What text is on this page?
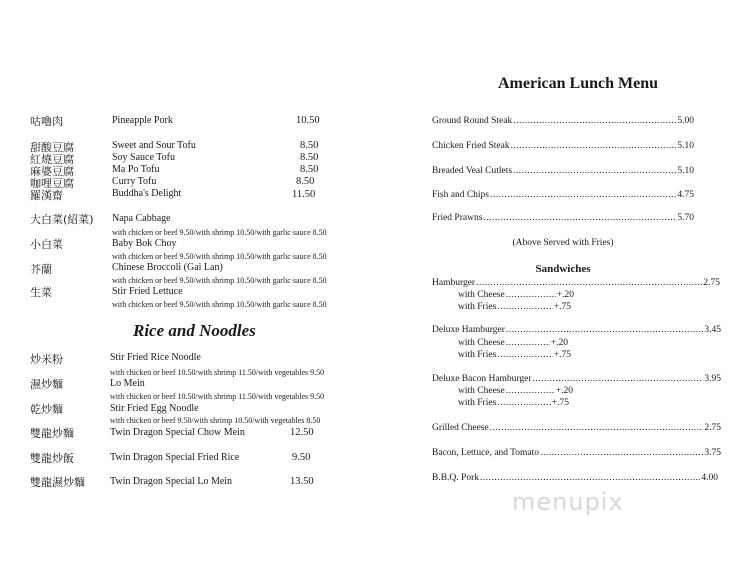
咕嚕肉	Pineapple Pork	10.50
甜酸豆腐	Sweet and Sour Tofu	8.50
紅燒豆腐	Soy Sauce Tofu	8.50
麻婆豆腐	Ma Po Tofu	8.50
咖哩豆腐	Curry Tofu	8.50
羅漢齋	Buddha's Delight	11.50
大白菜(紹菜) Napa Cabbage
with chicken or beef 9.50/with shrimp 10.50/with garlic sauce 8.50
小白菜	Baby Bok Choy
with chicken or beef 9.50/with shrimp 10.50/with garlic sauce 8.50
芥蘭	Chinese Broccoli (Gai Lan)
with chicken or beef 9.50/with shrimp 10.50/with garlic sauce 8.50
生菜	Stir Fried Lettuce
with chicken or beef 9.50/with shrimp 10.50/with garlic sauce 8.50
Rice and Noodles
炒米粉	Stir Fried Rice Noodle
with chicken or beef 10.50/with shrimp 11.50/with vegetables 9.50
濕炒麵	Lo Mein
with chicken or beef 10.50/with shrimp 11.50/with vegetables 9.50
乾炒麵	Stir Fried Egg Noodle
with chicken or beef 9.50/with shrimp 10.50/with vegetables 8.50
雙龍炒麵	Twin Dragon Special Chow Mein	12.50
雙龍炒飯	Twin Dragon Special Fried Rice	9.50
雙龍濕炒麵	Twin Dragon Special Lo Mein	13.50
American Lunch Menu
Ground Round Steak .....	5.00
Chicken Fried Steak .....	5.10
Breaded Veal Cutlets .....	5.10
Fish and Chips .....	4.75
Fried Prawns .....	5.70
(Above Served with Fries)
Sandwiches
Hamburger .....	2.75
with Cheese .....	+.20
with Fries .....	+.75
Deluxe Hamburger .....	3.45
with Cheese .....	+.20
with Fries .....	+.75
Deluxe Bacon Hamburger .....	3.95
with Cheese .....	+.20
with Fries .....	+.75
Grilled Cheese .....	2.75
Bacon, Lettuce, and Tomato .....	3.75
B.B.Q. Pork .....	4.00
menupix
